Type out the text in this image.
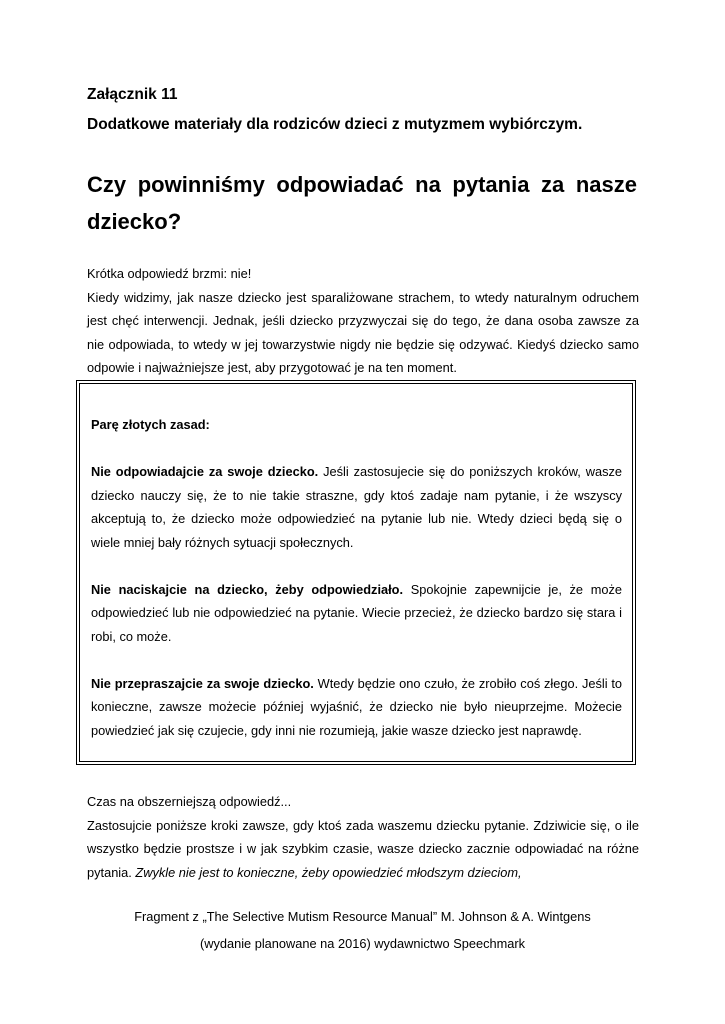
Załącznik 11
Dodatkowe materiały dla rodziców dzieci z mutyzmem wybiórczym.
Czy powinniśmy odpowiadać na pytania za nasze dziecko?

Krótka odpowiedź brzmi: nie!

Kiedy widzimy, jak nasze dziecko jest sparaliżowane strachem, to wtedy naturalnym odruchem jest chęć interwencji. Jednak, jeśli dziecko przyzwyczai się do tego, że dana osoba zawsze za nie odpowiada, to wtedy w jej towarzystwie nigdy nie będzie się odzywać. Kiedyś dziecko samo odpowie i najważniejsze jest, aby przygotować je na ten moment.

Parę złotych zasad:

Nie odpowiadajcie za swoje dziecko. Jeśli zastosujecie się do poniższych kroków, wasze dziecko nauczy się, że to nie takie straszne, gdy ktoś zadaje nam pytanie, i że wszyscy akceptują to, że dziecko może odpowiedzieć na pytanie lub nie. Wtedy dzieci będą się o wiele mniej bały różnych sytuacji społecznych.

Nie naciskajcie na dziecko, żeby odpowiedziało. Spokojnie zapewnijcie je, że może odpowiedzieć lub nie odpowiedzieć na pytanie. Wiecie przecież, że dziecko bardzo się stara i robi, co może.

Nie przepraszajcie za swoje dziecko. Wtedy będzie ono czuło, że zrobiło coś złego. Jeśli to konieczne, zawsze możecie później wyjaśnić, że dziecko nie było nieuprzejme. Możecie powiedzieć jak się czujecie, gdy inni nie rozumieją, jakie wasze dziecko jest naprawdę.

Czas na obszerniejszą odpowiedź...

Zastosujcie poniższe kroki zawsze, gdy ktoś zada waszemu dziecku pytanie. Zdziwicie się, o ile wszystko będzie prostsze i w jak szybkim czasie, wasze dziecko zacznie odpowiadać na różne pytania. Zwykle nie jest to konieczne, żeby opowiedzieć młodszym dzieciom,

Fragment z „The Selective Mutism Resource Manual” M. Johnson & A. Wintgens

(wydanie planowane na 2016) wydawnictwo Speechmark
